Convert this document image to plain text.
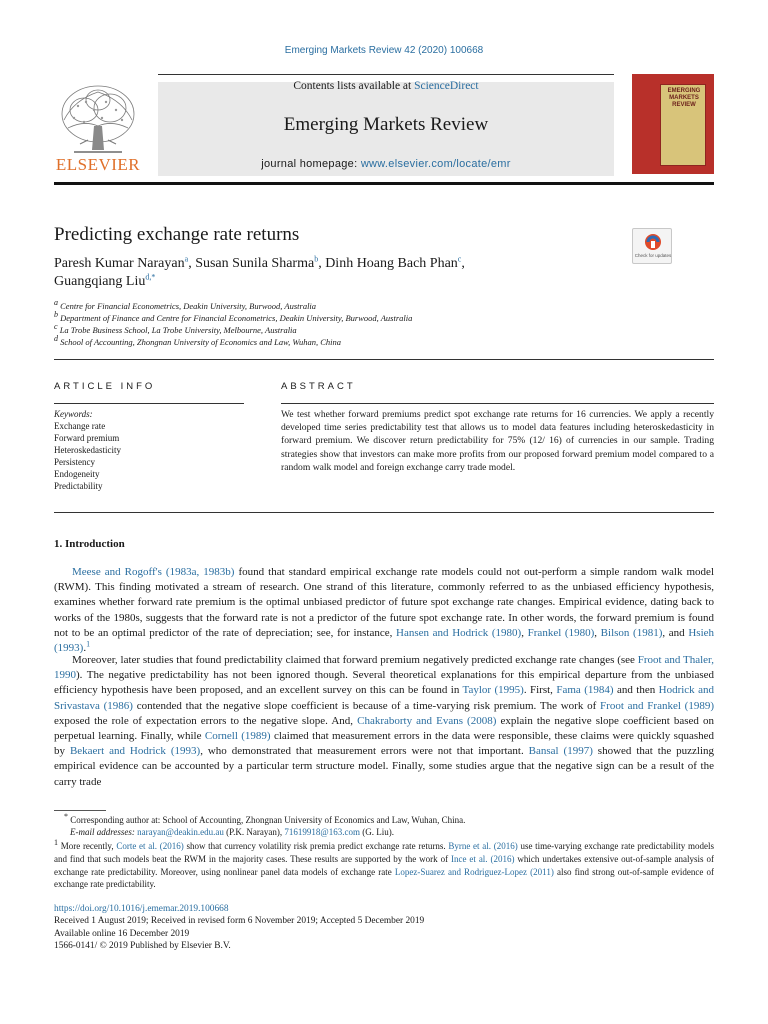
Emerging Markets Review 42 (2020) 100668
Contents lists available at ScienceDirect
Emerging Markets Review
journal homepage: www.elsevier.com/locate/emr
ELSEVIER
EMERGING MARKETS REVIEW
Predicting exchange rate returns
Check for updates
Paresh Kumar Narayan$^a$, Susan Sunila Sharma$^b$, Dinh Hoang Bach Phan$^c$,
Guangqiang Liu$^{d,*}$
$^a$ Centre for Financial Econometrics, Deakin University, Burwood, Australia
$^b$ Department of Finance and Centre for Financial Econometrics, Deakin University, Burwood, Australia
$^c$ La Trobe Business School, La Trobe University, Melbourne, Australia
$^d$ School of Accounting, Zhongnan University of Economics and Law, Wuhan, China
ARTICLE INFO	ABSTRACT
Keywords:
Exchange rate
Forward premium
Heteroskedasticity
Persistency
Endogeneity
Predictability
We test whether forward premiums predict spot exchange rate returns for 16 currencies. We apply a recently developed time series predictability test that allows us to model data features including heteroskedasticity in forward premium. We discover return predictability for 75% (12/ 16) of currencies in our sample. Trading strategies show that investors can make more profits from our proposed forward premium model compared to a random walk model and foreign exchange carry trade model.
1. Introduction
Meese and Rogoff's (1983a, 1983b) found that standard empirical exchange rate models could not out-perform a simple random walk model (RWM). This finding motivated a stream of research. One strand of this literature, commonly referred to as the unbiased efficiency hypothesis, examines whether forward rate premium is the optimal unbiased predictor of future spot exchange rate changes. Empirical evidence, dating back to works of the 1980s, suggests that the forward rate is not a predictor of the future spot exchange rate. In other words, the forward premium is found not to be an optimal predictor of the rate of depreciation; see, for instance, Hansen and Hodrick (1980), Frankel (1980), Bilson (1981), and Hsieh (1993).$^1$
Moreover, later studies that found predictability claimed that forward premium negatively predicted exchange rate changes (see Froot and Thaler, 1990). The negative predictability has not been ignored though. Several theoretical explanations for this empirical departure from the unbiased efficiency hypothesis have been proposed, and an excellent survey on this can be found in Taylor (1995). First, Fama (1984) and then Hodrick and Srivastava (1986) contended that the negative slope coefficient is because of a time-varying risk premium. The work of Froot and Frankel (1989) exposed the role of expectation errors to the negative slope. And, Chakraborty and Evans (2008) explain the negative slope coefficient based on perpetual learning. Finally, while Cornell (1989) claimed that measurement errors in the data were responsible, these claims were quickly squashed by Bekaert and Hodrick (1993), who demonstrated that measurement errors were not that important. Bansal (1997) showed that the puzzling empirical evidence can be accounted by a particular term structure model. Finally, some studies argue that the negative sign can be a result of the carry trade
* Corresponding author at: School of Accounting, Zhongnan University of Economics and Law, Wuhan, China.
E-mail addresses: narayan@deakin.edu.au (P.K. Narayan), 71619918@163.com (G. Liu).
$^1$ More recently, Corte et al. (2016) show that currency volatility risk premia predict exchange rate returns. Byrne et al. (2016) use time-varying exchange rate predictability models and find that such models beat the RWM in the majority cases. These results are supported by the work of Ince et al. (2016) which undertakes extensive out-of-sample analysis of exchange rate predictability. Moreover, using nonlinear panel data models of exchange rate Lopez-Suarez and Rodriguez-Lopez (2011) also find strong out-of-sample evidence of exchange rate predictability.
https://doi.org/10.1016/j.ememar.2019.100668
Received 1 August 2019; Received in revised form 6 November 2019; Accepted 5 December 2019
Available online 16 December 2019
1566-0141/ © 2019 Published by Elsevier B.V.
